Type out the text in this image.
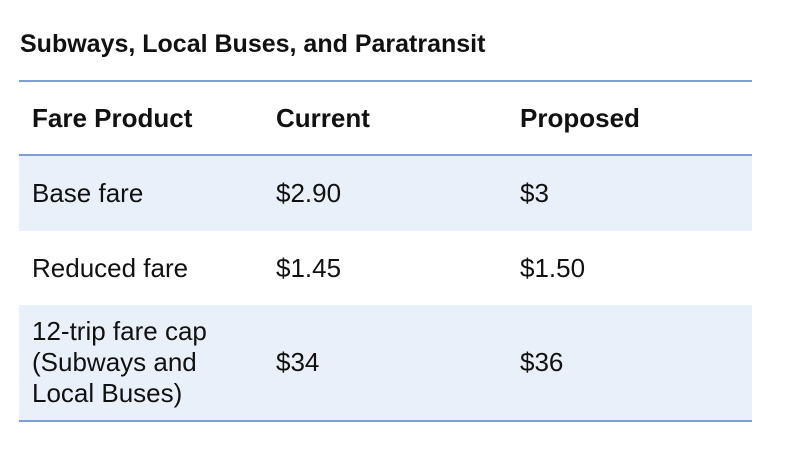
Subways, Local Buses, and Paratransit
Fare Product	Current	Proposed
Base fare	$2.90	$3
Reduced fare	$1.45	$1.50

12-trip fare cap (Subways and Local Buses)	$34	$36
